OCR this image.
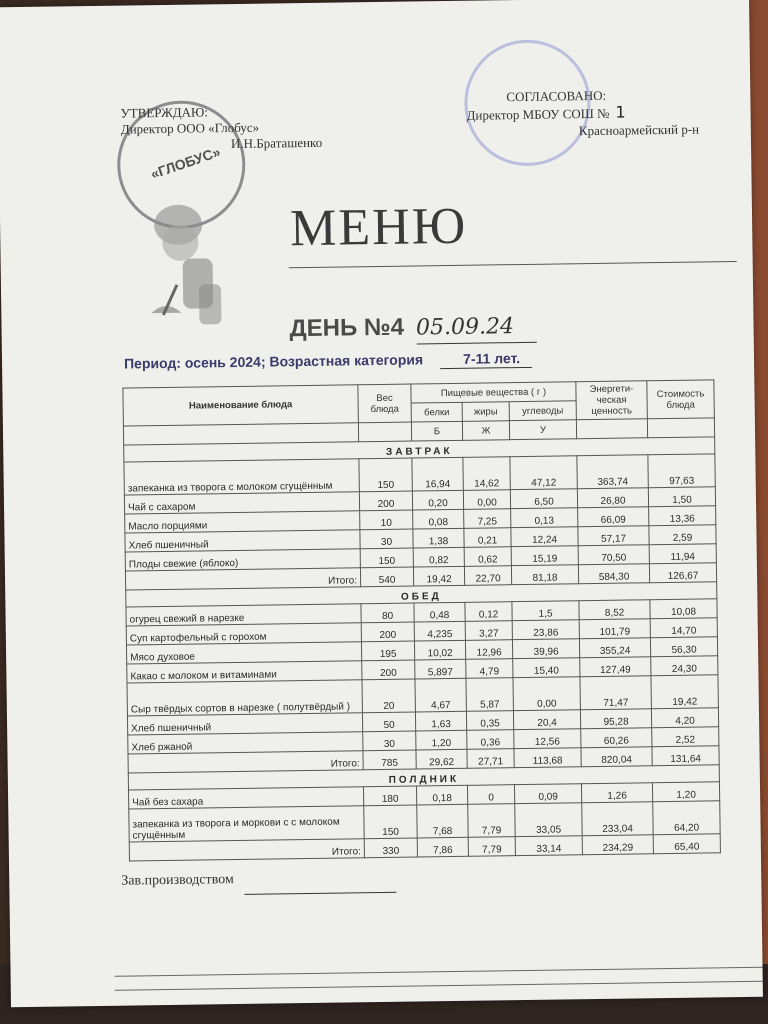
УТВЕРЖДАЮ:
Директор ООО «Глобус»
И.Н.Браташенко
«ГЛОБУС»
СОГЛАСОВАНО:
Директор МБОУ СОШ № 1
Красноармейский р-н
МЕНЮ
ДЕНЬ №4 05.09.24
Период: осень 2024; Возрастная категория	7-11 лет.
Наименование блюда	Вес блюда	Пищевые вещества ( г )			Энергети-ческая ценность	Стоимость блюда
		белки	жиры	углеводы		
		Б	Ж	У		
ЗАВТРАК						
запеканка из творога с молоком сгущённым	150	16,94	14,62	47,12	363,74	97,63
Чай с сахаром	200	0,20	0,00	6,50	26,80	1,50
Масло порциями	10	0,08	7,25	0,13	66,09	13,36
Хлеб пшеничный	30	1,38	0,21	12,24	57,17	2,59
Плоды свежие (яблоко)	150	0,82	0,62	15,19	70,50	11,94
Итого:	540	19,42	22,70	81,18	584,30	126,67
ОБЕД						
огурец свежий в нарезке	80	0,48	0,12	1,5	8,52	10,08
Суп картофельный с горохом	200	4,235	3,27	23,86	101,79	14,70
Мясо духовое	195	10,02	12,96	39,96	355,24	56,30
Какао с молоком и витаминами	200	5,897	4,79	15,40	127,49	24,30
Сыр твёрдых сортов в нарезке ( полутвёрдый )	20	4,67	5,87	0,00	71,47	19,42
Хлеб пшеничный	50	1,63	0,35	20,4	95,28	4,20
Хлеб ржаной	30	1,20	0,36	12,56	60,26	2,52
Итого:	785	29,62	27,71	113,68	820,04	131,64
ПОЛДНИК						
Чай без сахара	180	0,18	0	0,09	1,26	1,20
запеканка из творога и моркови с с молоком сгущённым	150	7,68	7,79	33,05	233,04	64,20
Итого:	330	7,86	7,79	33,14	234,29	65,40
Зав.производством
